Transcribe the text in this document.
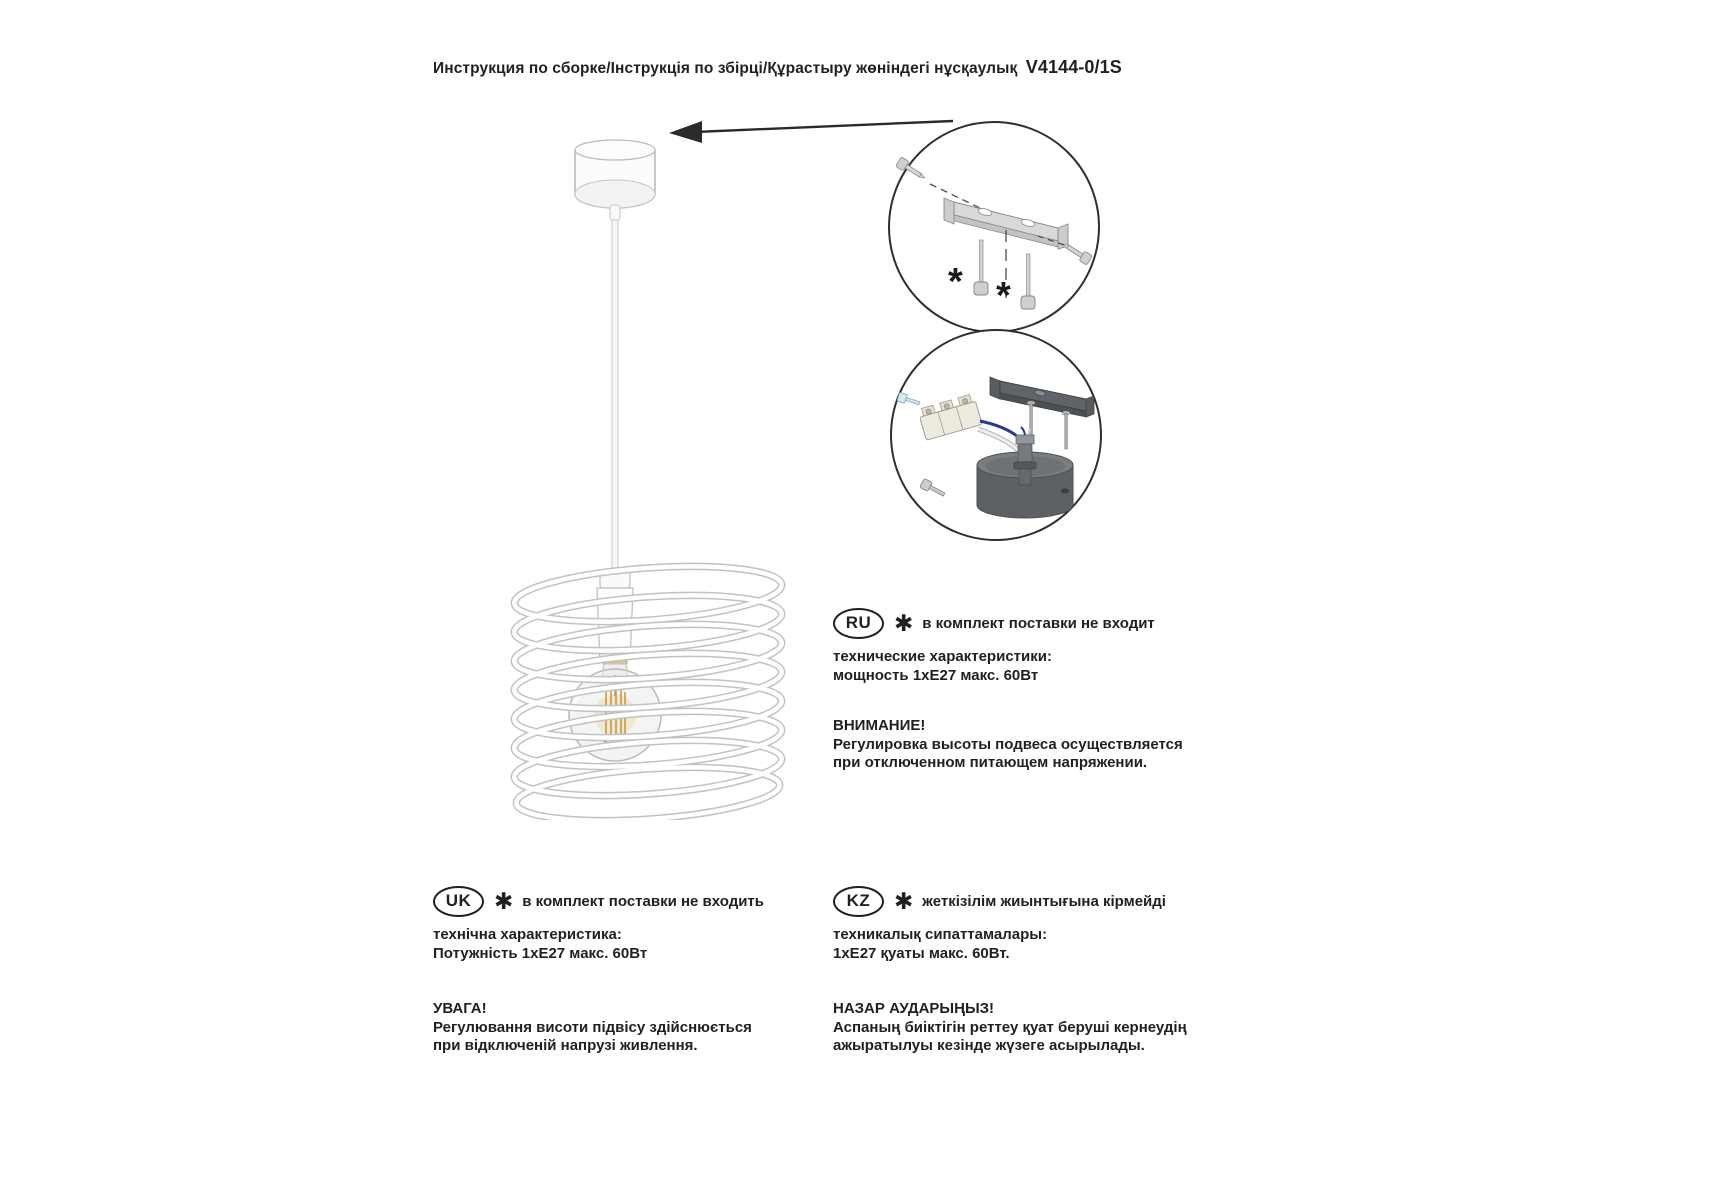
Инструкция по сборке/Інструкція по збірці/Құрастыру жөніндегі нұсқаулық V4144-0/1S
* *
RU ✱ в комплект поставки не входит
технические характеристики:
мощность 1хЕ27 макс. 60Вт
ВНИМАНИЕ!
Регулировка высоты подвеса осуществляется
при отключенном питающем напряжении.
UK ✱ в комплект поставки не входить
технічна характеристика:
Потужність 1хЕ27 макс. 60Вт
УВАГА!
Регулювання висоти підвісу здійснюється
при відключеній напрузі живлення.
KZ	✱ жеткізілім жиынтығына кірмейді
техникалық сипаттамалары:
1хЕ27 қуаты макс. 60Вт.
НАЗАР АУДАРЫҢЫЗ!
Аспаның биіктігін реттеу қуат беруші кернеудің
ажыратылуы кезінде жүзеге асырылады.
